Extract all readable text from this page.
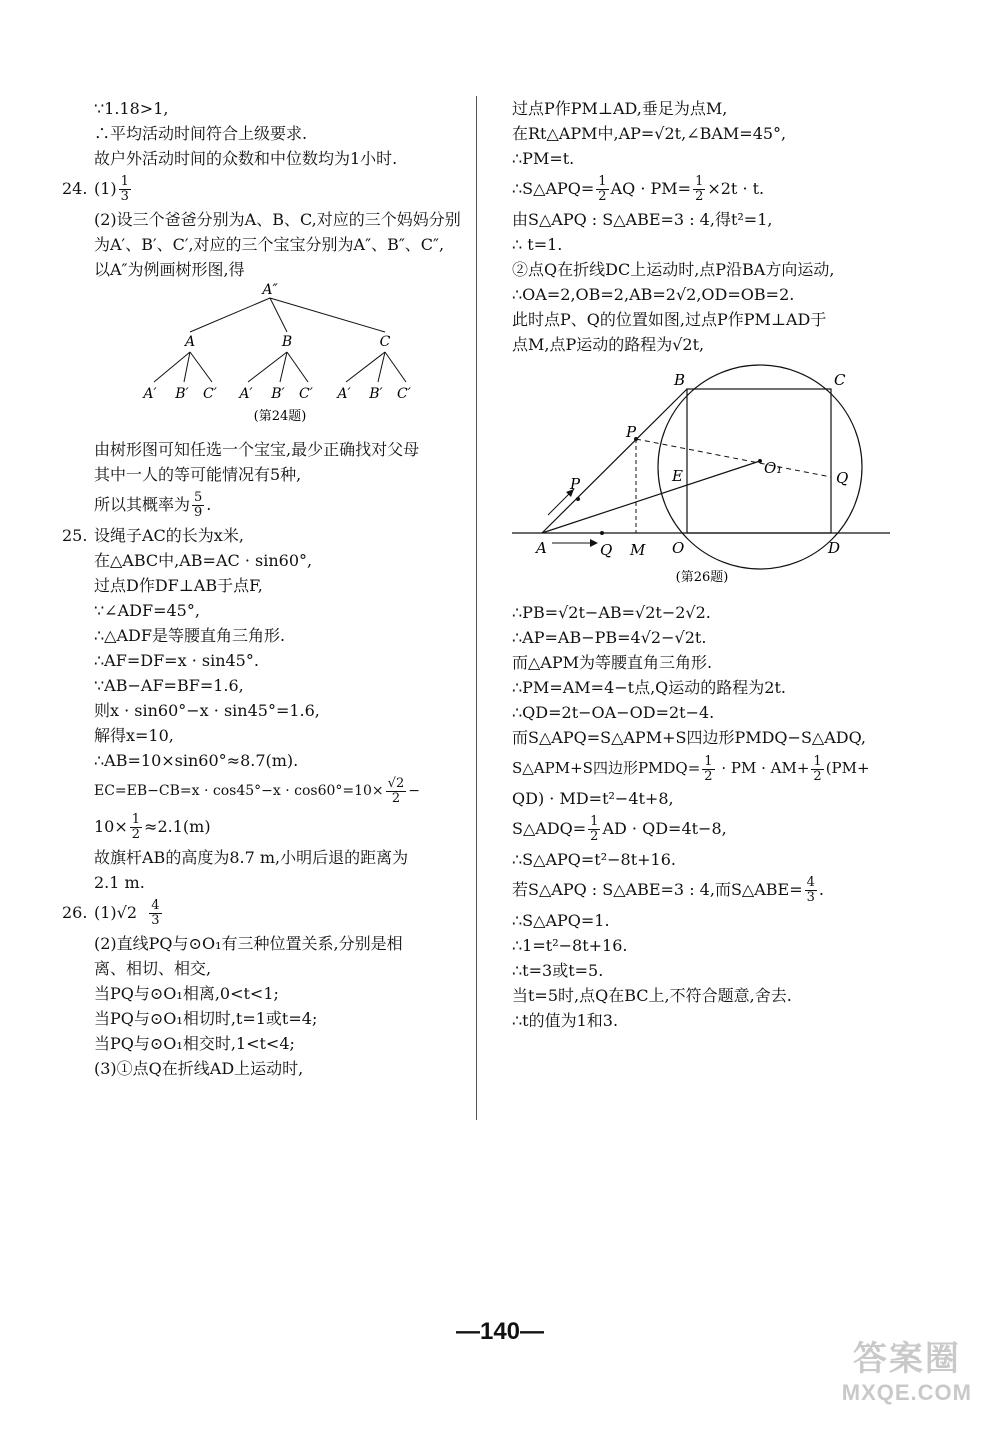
∵1.18>1,
∴平均活动时间符合上级要求.
故户外活动时间的众数和中位数均为1小时.
24. $(1) \frac{1}{3}$
(2)设三个爸爸分别为A、B、C,对应的三个妈妈分别
为A′、B′、C′,对应的三个宝宝分别为A″、B″、C″,
以A″为例画树形图,得
A″
A	B	C
A′ B′ C′ A′ B′ C′ A′ B′ C′
(第24题)
由树形图可知任选一个宝宝,最少正确找对父母
其中一人的等可能情况有5种,
所以其概率为 $\frac{5}{9}$ .
25. 设绳子AC的长为x米,
在△ABC中,AB=AC · sin60°,
过点D作DF⊥AB于点F,
∵∠ADF=45°,
∴△ADF是等腰直角三角形.
∴AF=DF=x · sin45°.
∵AB−AF=BF=1.6,
则x · sin60°−x · sin45°=1.6,
解得x=10,
∴AB=10×sin60°≈8.7(m).
$EC=EB-CB=x \cdot \cos 45^\circ-x \cdot \cos 60^\circ=10\times \frac{√2}{2}$ −
$10\times \frac{1}{2} \approx 2.1(m)$
故旗杆AB的高度为8.7 m,小明后退的距离为
2.1 m.
26. $(1)√2 \frac{4}{3}$
(2)直线PQ与⊙O₁有三种位置关系,分别是相
离、相切、相交,
当PQ与⊙O₁相离,0<t<1;
当PQ与⊙O₁相切时,t=1或t=4;
当PQ与⊙O₁相交时,1<t<4;
(3)①点Q在折线AD上运动时,
过点P作PM⊥AD,垂足为点M,
在Rt△APM中,AP=√2t,∠BAM=45°,
∴PM=t.
∴S△APQ= $\frac{1}{2}$ AQ · $PM= \frac{1}{2} \times 2t \cdot t$.
由S△APQ : S△ABE=3 : 4,得t²=1,
∴ t=1.
②点Q在折线DC上运动时,点P沿BA方向运动,
∴OA=2,OB=2,AB=2√2,OD=OB=2.
此时点P、Q的位置如图,过点P作PM⊥AD于
点M,点P运动的路程为√2t,
B	C
P
E	O₁
Q
P
A	Q M O	D
(第26题)
∴PB=√2t−AB=√2t−2√2.
∴AP=AB−PB=4√2−√2t.
而△APM为等腰直角三角形.
∴PM=AM=4−t点,Q运动的路程为2t.
∴QD=2t−OA−OD=2t−4.
而S△APQ=S△APM+S四边形PMDQ−S△ADQ,
S△APM+S四边形PMDQ= $\frac{1}{2}$ · PM · $AM+ \frac{1}{2} (PM+$
QD) · MD=t²−4t+8,
S△ADQ= $\frac{1}{2}$ AD · QD=4t−8,
∴S△APQ=t²−8t+16.
若S△APQ : S△ABE=3 : 4,而S△ABE= $\frac{4}{3}$ .
∴S△APQ=1.
∴1=t²−8t+16.
∴t=3或t=5.
当t=5时,点Q在BC上,不符合题意,舍去.
∴t的值为1和3.
—140—
答案圈
MXQE.COM
